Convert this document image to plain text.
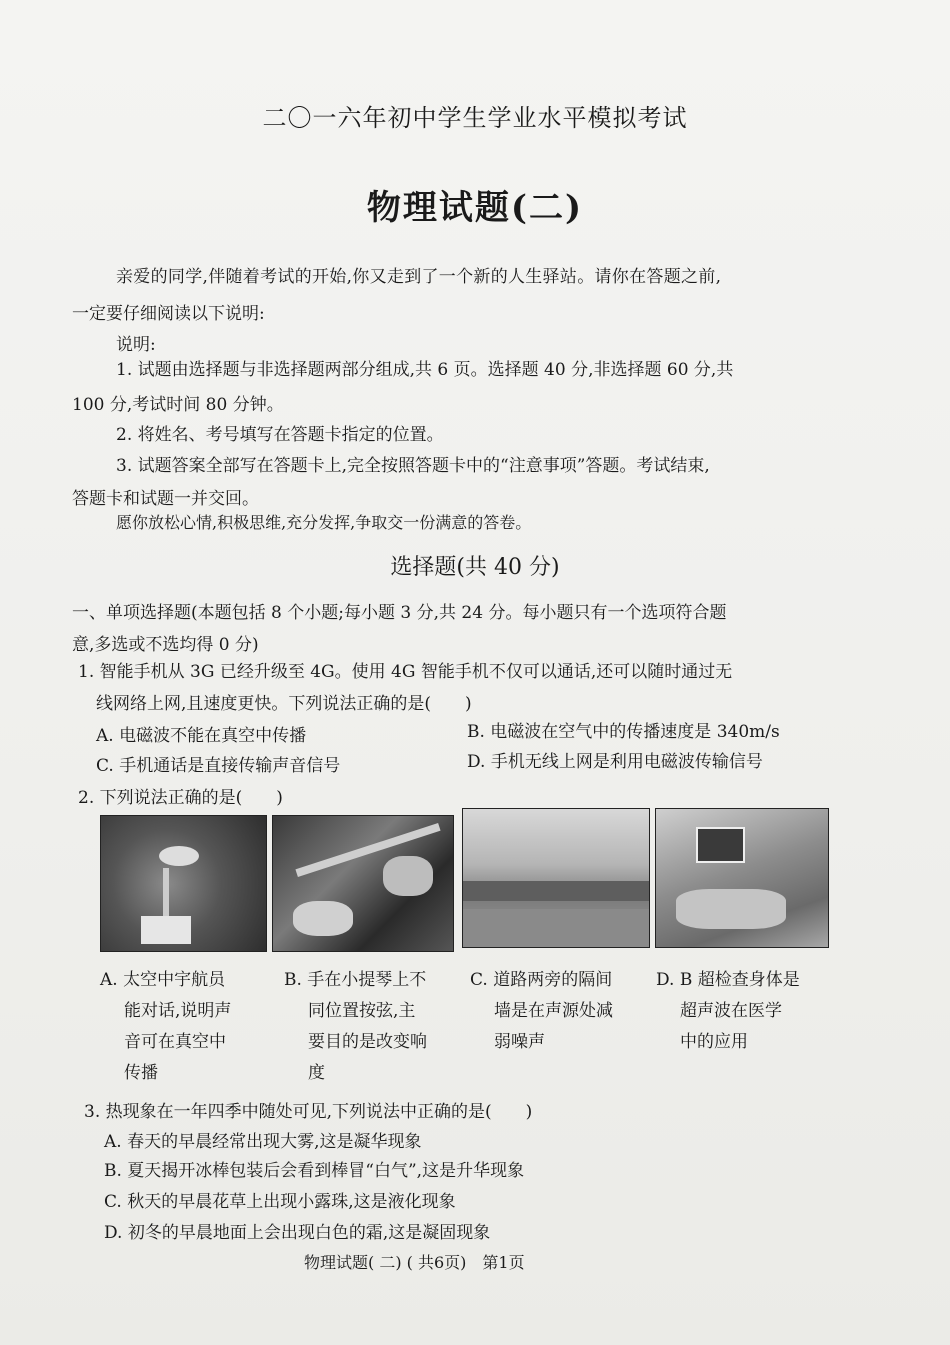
二〇一六年初中学生学业水平模拟考试
物理试题(二)
亲爱的同学,伴随着考试的开始,你又走到了一个新的人生驿站。请你在答题之前,
一定要仔细阅读以下说明:
说明:
1. 试题由选择题与非选择题两部分组成,共 6 页。选择题 40 分,非选择题 60 分,共
100 分,考试时间 80 分钟。
2. 将姓名、考号填写在答题卡指定的位置。
3. 试题答案全部写在答题卡上,完全按照答题卡中的“注意事项”答题。考试结束,
答题卡和试题一并交回。
愿你放松心情,积极思维,充分发挥,争取交一份满意的答卷。
选择题(共 40 分)
一、单项选择题(本题包括 8 个小题;每小题 3 分,共 24 分。每小题只有一个选项符合题
意,多选或不选均得 0 分)
1. 智能手机从 3G 已经升级至 4G。使用 4G 智能手机不仅可以通话,还可以随时通过无
线网络上网,且速度更快。下列说法正确的是(　　)
A. 电磁波不能在真空中传播	B. 电磁波在空气中的传播速度是 340m/s
C. 手机通话是直接传输声音信号	D. 手机无线上网是利用电磁波传输信号
2. 下列说法正确的是(　　)
A. 太空中宇航员
能对话,说明声
音可在真空中
传播
B. 手在小提琴上不
同位置按弦,主
要目的是改变响
度
C. 道路两旁的隔间
墙是在声源处减
弱噪声
D. B 超检查身体是
超声波在医学
中的应用
3. 热现象在一年四季中随处可见,下列说法中正确的是(　　)
A. 春天的早晨经常出现大雾,这是凝华现象
B. 夏天揭开冰棒包装后会看到棒冒“白气”,这是升华现象
C. 秋天的早晨花草上出现小露珠,这是液化现象
D. 初冬的早晨地面上会出现白色的霜,这是凝固现象
物理试题( 二) ( 共6页)　第1页
